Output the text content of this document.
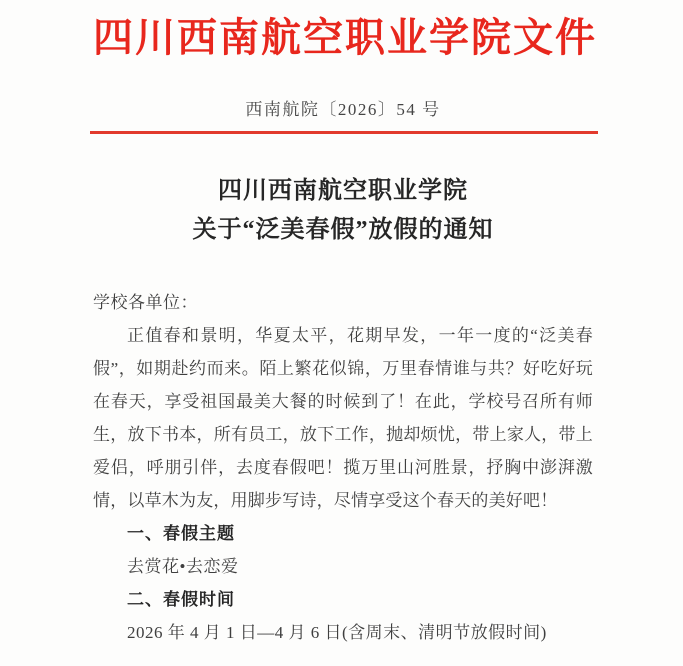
四川西南航空职业学院文件
西南航院〔2026〕54 号
四川西南航空职业学院
关于“泛美春假”放假的通知
学校各单位：

正值春和景明，华夏太平，花期早发，一年一度的“泛美春假”，如期赴约而来。陌上繁花似锦，万里春情谁与共？好吃好玩在春天，享受祖国最美大餐的时候到了！在此，学校号召所有师生，放下书本，所有员工，放下工作，抛却烦忧，带上家人，带上爱侣，呼朋引伴，去度春假吧！揽万里山河胜景，抒胸中澎湃激情，以草木为友，用脚步写诗，尽情享受这个春天的美好吧！

一、春假主题
去赏花•去恋爱
二、春假时间
2026 年 4 月 1 日—4 月 6 日(含周末、清明节放假时间)
